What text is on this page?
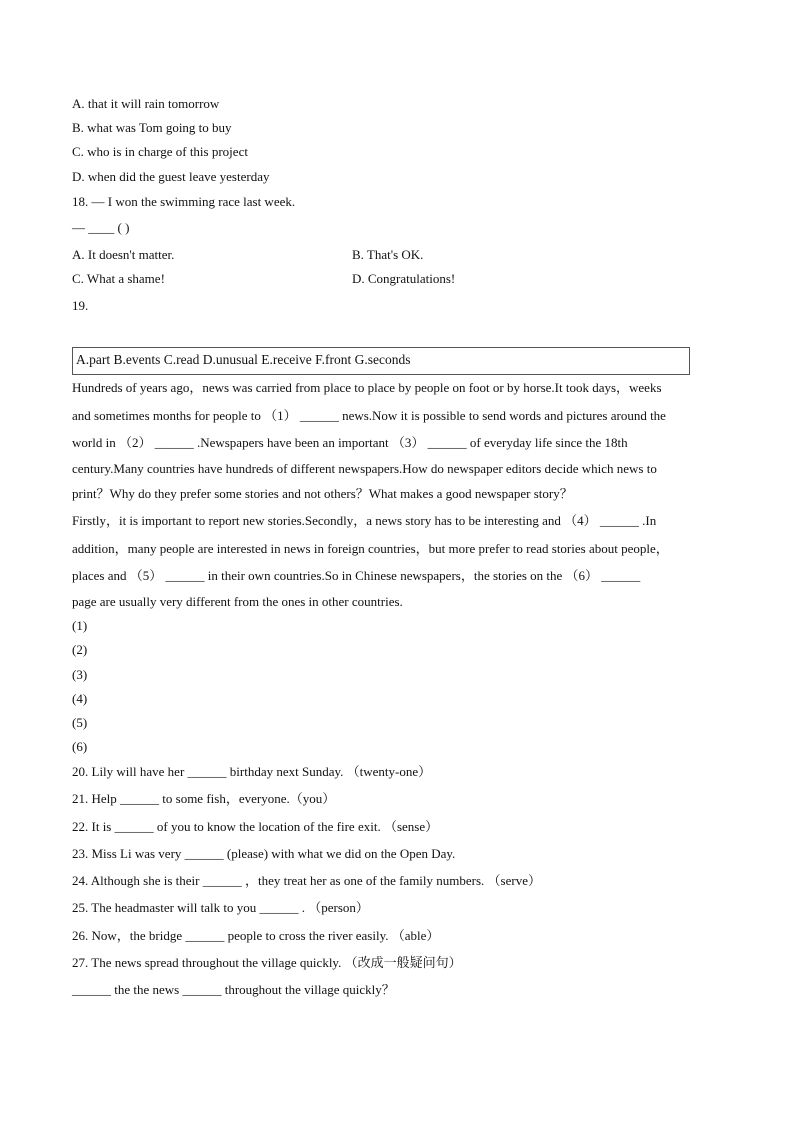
A. that it will rain tomorrow
B. what was Tom going to buy
C. who is in charge of this project
D. when did the guest leave yesterday
18. — I won the swimming race last week.
— ____ ( )
A. It doesn't matter.	B. That's OK.
C. What a shame!	D. Congratulations!
19.
A.part B.events C.read D.unusual E.receive F.front G.seconds
Hundreds of years ago，news was carried from place to place by people on foot or by horse.It took days，weeks
and sometimes months for people to （1） ______ news.Now it is possible to send words and pictures around the
world in （2） ______ .Newspapers have been an important （3） ______ of everyday life since the 18th
century.Many countries have hundreds of different newspapers.How do newspaper editors decide which news to
print？Why do they prefer some stories and not others？What makes a good newspaper story？
Firstly，it is important to report new stories.Secondly，a news story has to be interesting and （4） ______ .In
addition，many people are interested in news in foreign countries，but more prefer to read stories about people，
places and （5） ______ in their own countries.So in Chinese newspapers，the stories on the （6） ______
page are usually very different from the ones in other countries.
(1)
(2)
(3)
(4)
(5)
(6)
20. Lily will have her ______ birthday next Sunday. （twenty-one）
21. Help ______ to some fish，everyone.（you）
22. It is ______ of you to know the location of the fire exit. （sense）
23. Miss Li was very ______ (please) with what we did on the Open Day.
24. Although she is their ______ ，they treat her as one of the family numbers. （serve）
25. The headmaster will talk to you ______ . （person）
26. Now，the bridge ______ people to cross the river easily. （able）
27. The news spread throughout the village quickly. （改成一般疑问句）
______ the the news ______ throughout the village quickly？
